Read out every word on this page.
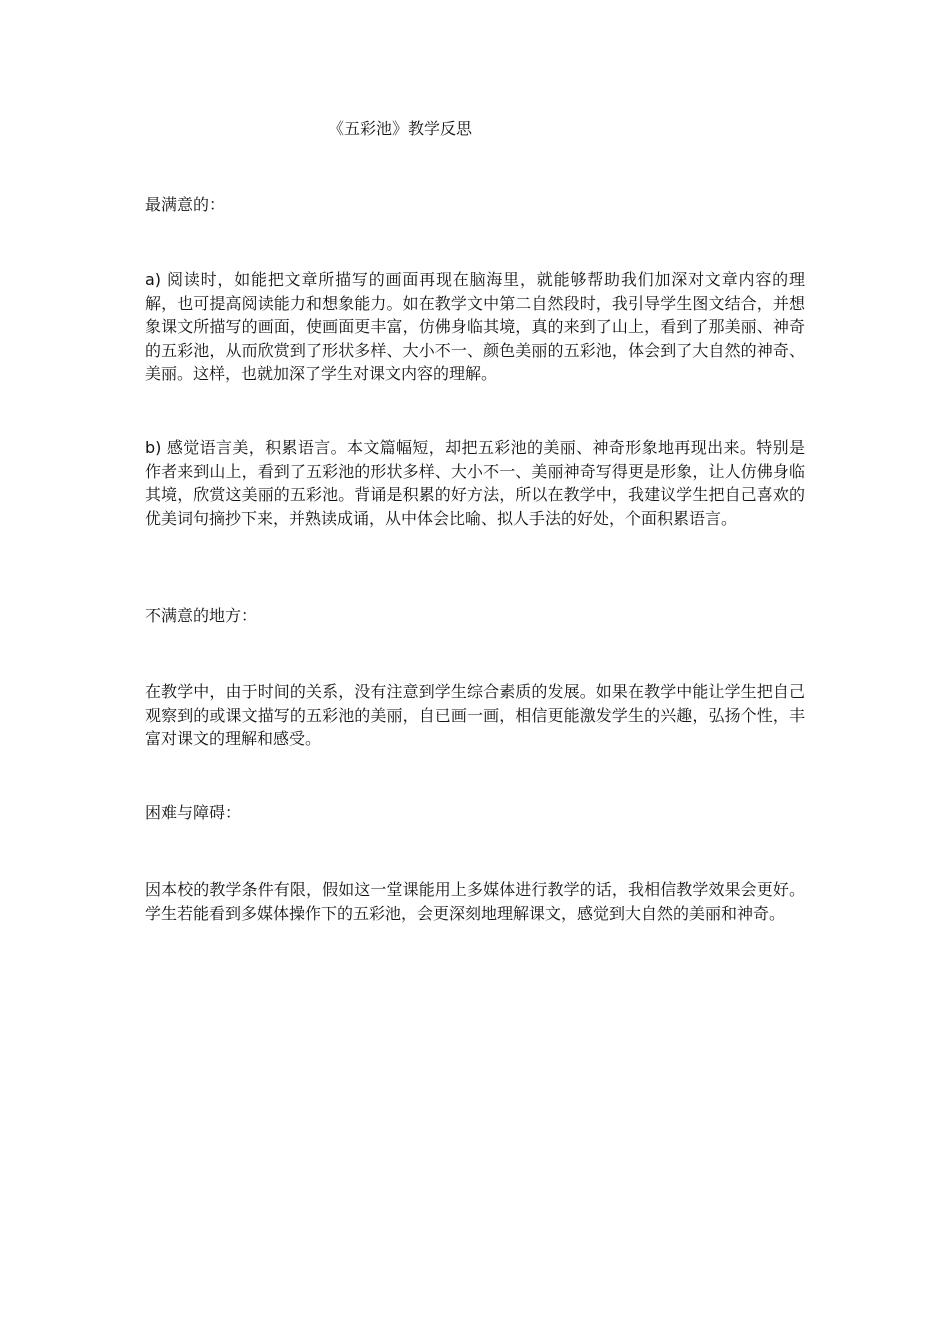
《五彩池》教学反思
最满意的：

a) 阅读时，如能把文章所描写的画面再现在脑海里，就能够帮助我们加深对文章内容的理解，也可提高阅读能力和想象能力。如在教学文中第二自然段时，我引导学生图文结合，并想象课文所描写的画面，使画面更丰富，仿佛身临其境，真的来到了山上，看到了那美丽、神奇的五彩池，从而欣赏到了形状多样、大小不一、颜色美丽的五彩池，体会到了大自然的神奇、美丽。这样，也就加深了学生对课文内容的理解。

b) 感觉语言美，积累语言。本文篇幅短，却把五彩池的美丽、神奇形象地再现出来。特别是作者来到山上，看到了五彩池的形状多样、大小不一、美丽神奇写得更是形象，让人仿佛身临其境，欣赏这美丽的五彩池。背诵是积累的好方法，所以在教学中，我建议学生把自己喜欢的优美词句摘抄下来，并熟读成诵，从中体会比喻、拟人手法的好处，个面积累语言。

不满意的地方：

在教学中，由于时间的关系，没有注意到学生综合素质的发展。如果在教学中能让学生把自己观察到的或课文描写的五彩池的美丽，自已画一画，相信更能激发学生的兴趣，弘扬个性，丰富对课文的理解和感受。

困难与障碍：

因本校的教学条件有限，假如这一堂课能用上多媒体进行教学的话，我相信教学效果会更好。学生若能看到多媒体操作下的五彩池，会更深刻地理解课文，感觉到大自然的美丽和神奇。
